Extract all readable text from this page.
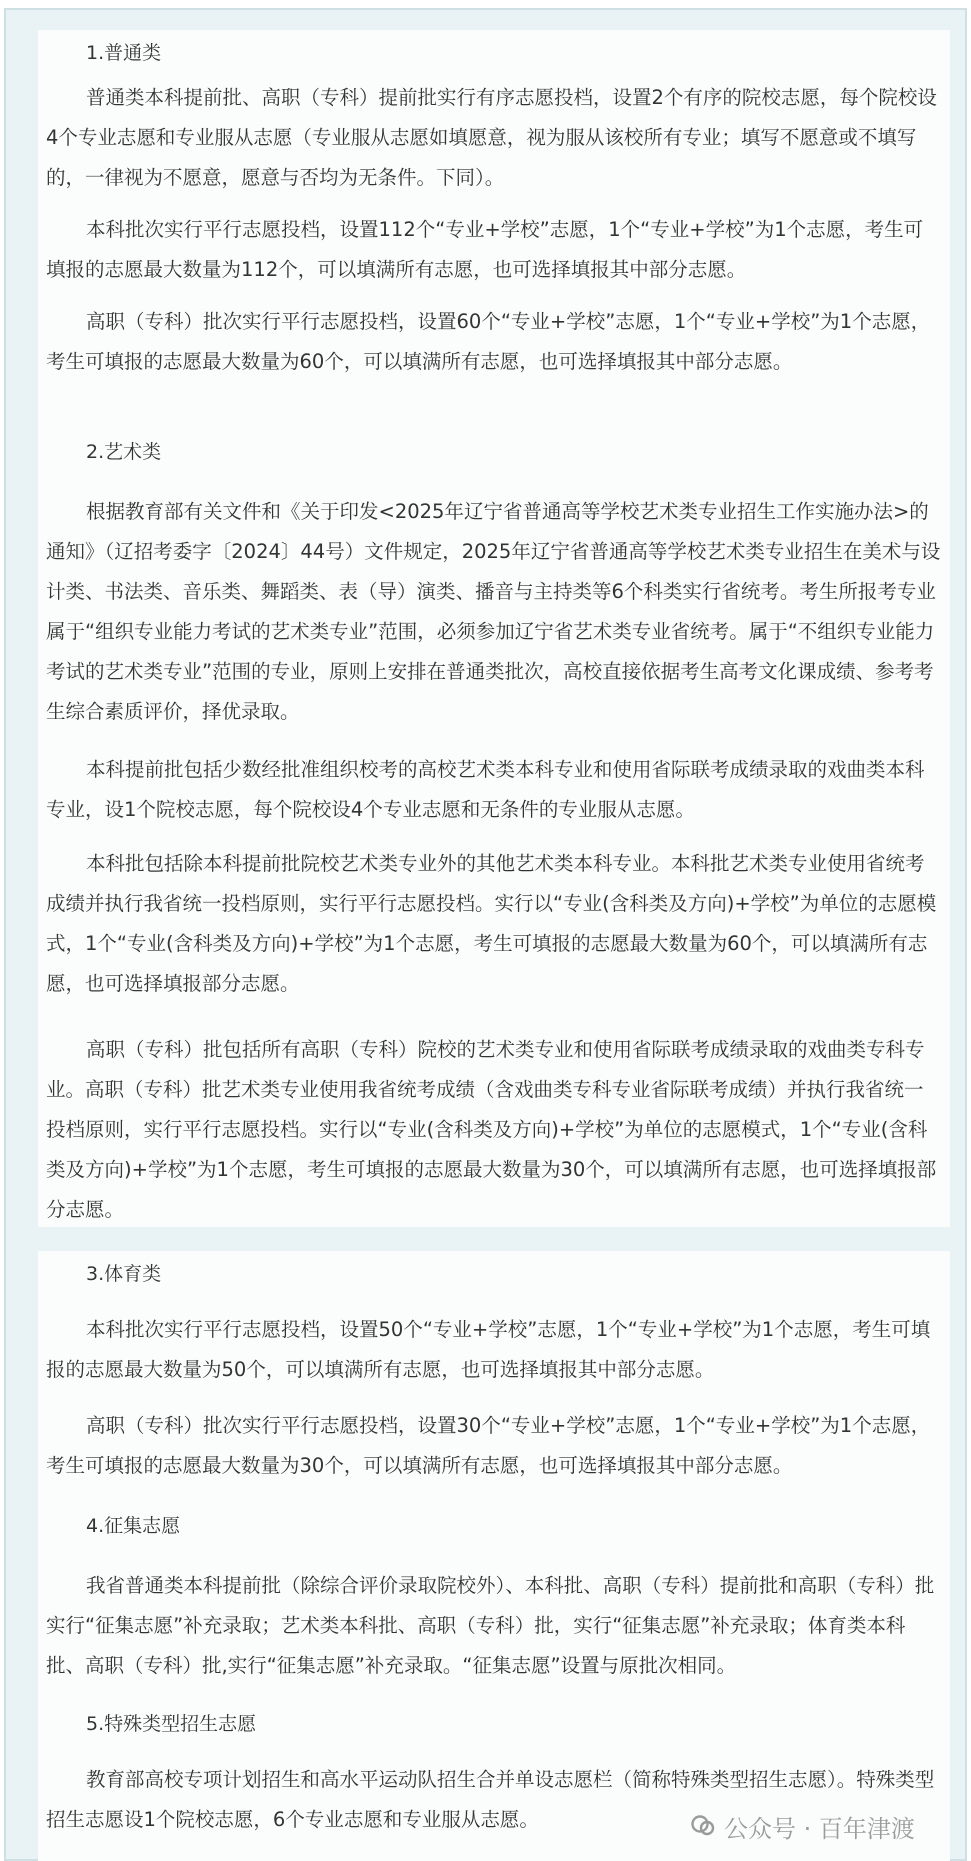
1.普通类
普通类本科提前批、高职（专科）提前批实行有序志愿投档，设置2个有序的院校志愿，每个院校设4个专业志愿和专业服从志愿（专业服从志愿如填愿意，视为服从该校所有专业；填写不愿意或不填写的，一律视为不愿意，愿意与否均为无条件。下同）。
本科批次实行平行志愿投档，设置112个“专业+学校”志愿，1个“专业+学校”为1个志愿，考生可填报的志愿最大数量为112个，可以填满所有志愿，也可选择填报其中部分志愿。
高职（专科）批次实行平行志愿投档，设置60个“专业+学校”志愿，1个“专业+学校”为1个志愿，考生可填报的志愿最大数量为60个，可以填满所有志愿，也可选择填报其中部分志愿。
2.艺术类
根据教育部有关文件和《关于印发<2025年辽宁省普通高等学校艺术类专业招生工作实施办法>的通知》（辽招考委字〔2024〕44号）文件规定，2025年辽宁省普通高等学校艺术类专业招生在美术与设计类、书法类、音乐类、舞蹈类、表（导）演类、播音与主持类等6个科类实行省统考。考生所报考专业属于“组织专业能力考试的艺术类专业”范围，必须参加辽宁省艺术类专业省统考。属于“不组织专业能力考试的艺术类专业”范围的专业，原则上安排在普通类批次，高校直接依据考生高考文化课成绩、参考考生综合素质评价，择优录取。
本科提前批包括少数经批准组织校考的高校艺术类本科专业和使用省际联考成绩录取的戏曲类本科专业，设1个院校志愿，每个院校设4个专业志愿和无条件的专业服从志愿。
本科批包括除本科提前批院校艺术类专业外的其他艺术类本科专业。本科批艺术类专业使用省统考成绩并执行我省统一投档原则，实行平行志愿投档。实行以“专业(含科类及方向)+学校”为单位的志愿模式，1个“专业(含科类及方向)+学校”为1个志愿，考生可填报的志愿最大数量为60个，可以填满所有志愿，也可选择填报部分志愿。
高职（专科）批包括所有高职（专科）院校的艺术类专业和使用省际联考成绩录取的戏曲类专科专业。高职（专科）批艺术类专业使用我省统考成绩（含戏曲类专科专业省际联考成绩）并执行我省统一投档原则，实行平行志愿投档。实行以“专业(含科类及方向)+学校”为单位的志愿模式，1个“专业(含科类及方向)+学校”为1个志愿，考生可填报的志愿最大数量为30个，可以填满所有志愿，也可选择填报部分志愿。
3.体育类
本科批次实行平行志愿投档，设置50个“专业+学校”志愿，1个“专业+学校”为1个志愿，考生可填报的志愿最大数量为50个，可以填满所有志愿，也可选择填报其中部分志愿。
高职（专科）批次实行平行志愿投档，设置30个“专业+学校”志愿，1个“专业+学校”为1个志愿，考生可填报的志愿最大数量为30个，可以填满所有志愿，也可选择填报其中部分志愿。
4.征集志愿
我省普通类本科提前批（除综合评价录取院校外）、本科批、高职（专科）提前批和高职（专科）批实行“征集志愿”补充录取；艺术类本科批、高职（专科）批，实行“征集志愿”补充录取；体育类本科批、高职（专科）批,实行“征集志愿”补充录取。“征集志愿”设置与原批次相同。
5.特殊类型招生志愿
教育部高校专项计划招生和高水平运动队招生合并单设志愿栏（简称特殊类型招生志愿）。特殊类型招生志愿设1个院校志愿，6个专业志愿和专业服从志愿。	公众号 · 百年津渡
